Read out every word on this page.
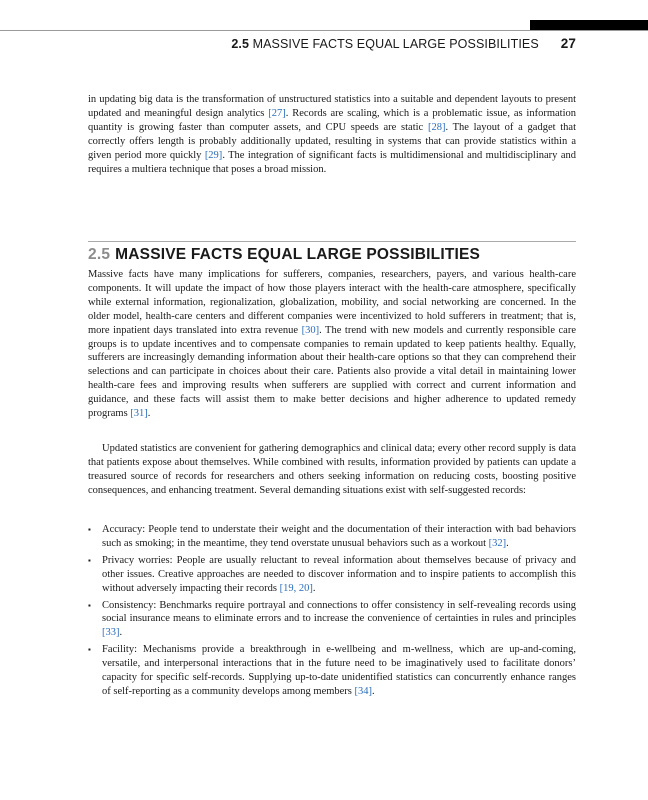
2.5 MASSIVE FACTS EQUAL LARGE POSSIBILITIES 27

in updating big data is the transformation of unstructured statistics into a suitable and dependent layouts to present updated and meaningful design analytics [27]. Records are scaling, which is a problematic issue, as information quantity is growing faster than computer assets, and CPU speeds are static [28]. The layout of a gadget that correctly offers length is probably additionally updated, resulting in systems that can provide statistics within a given period more quickly [29]. The integration of significant facts is multidimensional and multidisciplinary and requires a multiera technique that poses a broad mission.

2.5 MASSIVE FACTS EQUAL LARGE POSSIBILITIES

Massive facts have many implications for sufferers, companies, researchers, payers, and various health-care components. It will update the impact of how those players interact with the health-care atmosphere, specifically while external information, regionalization, globalization, mobility, and social networking are concerned. In the older model, health-care centers and different companies were incentivized to hold sufferers in treatment; that is, more inpatient days translated into extra revenue [30]. The trend with new models and currently responsible care groups is to update incentives and to compensate companies to remain updated to keep patients healthy. Equally, sufferers are increasingly demanding information about their health-care options so that they can comprehend their selections and can participate in choices about their care. Patients also provide a vital detail in maintaining lower health-care fees and improving results when sufferers are supplied with correct and current information and guidance, and these facts will assist them to make better decisions and higher adherence to updated remedy programs [31].

Updated statistics are convenient for gathering demographics and clinical data; every other record supply is data that patients expose about themselves. While combined with results, information provided by patients can update a treasured source of records for researchers and others seeking information on reducing costs, boosting positive consequences, and enhancing treatment. Several demanding situations exist with self-suggested records:

▪ Accuracy: People tend to understate their weight and the documentation of their interaction with bad behaviors such as smoking; in the meantime, they tend overstate unusual behaviors such as a workout [32].
▪ Privacy worries: People are usually reluctant to reveal information about themselves because of privacy and other issues. Creative approaches are needed to discover information and to inspire patients to accomplish this without adversely impacting their records [19, 20].
▪ Consistency: Benchmarks require portrayal and connections to offer consistency in self-revealing records using social insurance means to eliminate errors and to increase the convenience of certainties in rules and principles [33].
▪ Facility: Mechanisms provide a breakthrough in e-wellbeing and m-wellness, which are up-and-coming, versatile, and interpersonal interactions that in the future need to be imaginatively used to facilitate donors’ capacity for specific self-records. Supplying up-to-date unidentified statistics can concurrently enhance ranges of self-reporting as a community develops among members [34].
